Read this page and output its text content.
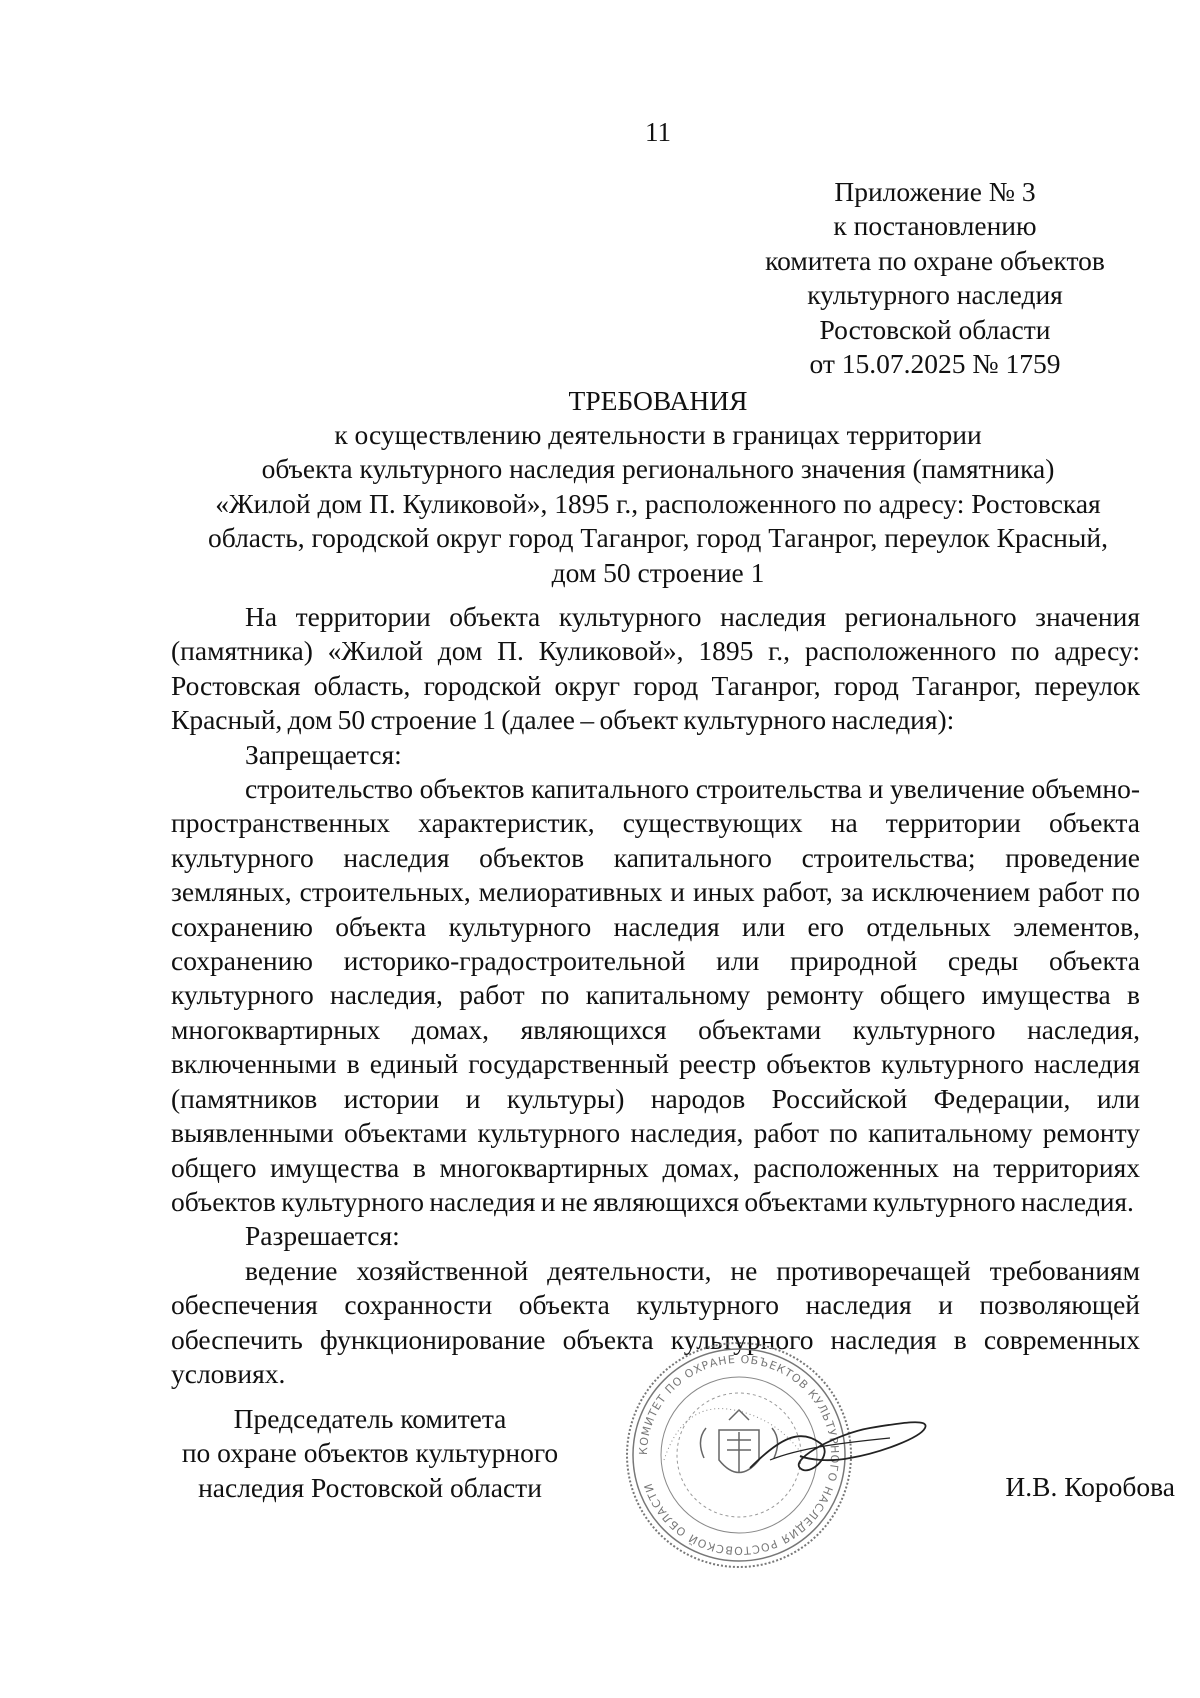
11
Приложение № 3
к постановлению
комитета по охране объектов
культурного наследия
Ростовской области
от 15.07.2025 № 1759
ТРЕБОВАНИЯ
к осуществлению деятельности в границах территории
объекта культурного наследия регионального значения (памятника)
«Жилой дом П. Куликовой», 1895 г., расположенного по адресу: Ростовская
область, городской округ город Таганрог, город Таганрог, переулок Красный,
дом 50 строение 1

На территории объекта культурного наследия регионального значения (памятника) «Жилой дом П. Куликовой», 1895 г., расположенного по адресу: Ростовская область, городской округ город Таганрог, город Таганрог, переулок Красный, дом 50 строение 1 (далее – объект культурного наследия):

Запрещается:

строительство объектов капитального строительства и увеличение объемно-пространственных характеристик, существующих на территории объекта культурного наследия объектов капитального строительства; проведение земляных, строительных, мелиоративных и иных работ, за исключением работ по сохранению объекта культурного наследия или его отдельных элементов, сохранению историко-градостроительной или природной среды объекта культурного наследия, работ по капитальному ремонту общего имущества в многоквартирных домах, являющихся объектами культурного наследия, включенными в единый государственный реестр объектов культурного наследия (памятников истории и культуры) народов Российской Федерации, или выявленными объектами культурного наследия, работ по капитальному ремонту общего имущества в многоквартирных домах, расположенных на территориях объектов культурного наследия и не являющихся объектами культурного наследия.

Разрешается:

ведение хозяйственной деятельности, не противоречащей требованиям обеспечения сохранности объекта культурного наследия и позволяющей обеспечить функционирование объекта культурного наследия в современных условиях.

Председатель комитета
по охране объектов культурного
наследия Ростовской области
КОМИТЕТ ПО ОХРАНЕ ОБЪЕКТОВ КУЛЬТУРНОГО НАСЛЕДИЯ РОСТОВСКОЙ ОБЛАСТИ	И.В. Коробова
